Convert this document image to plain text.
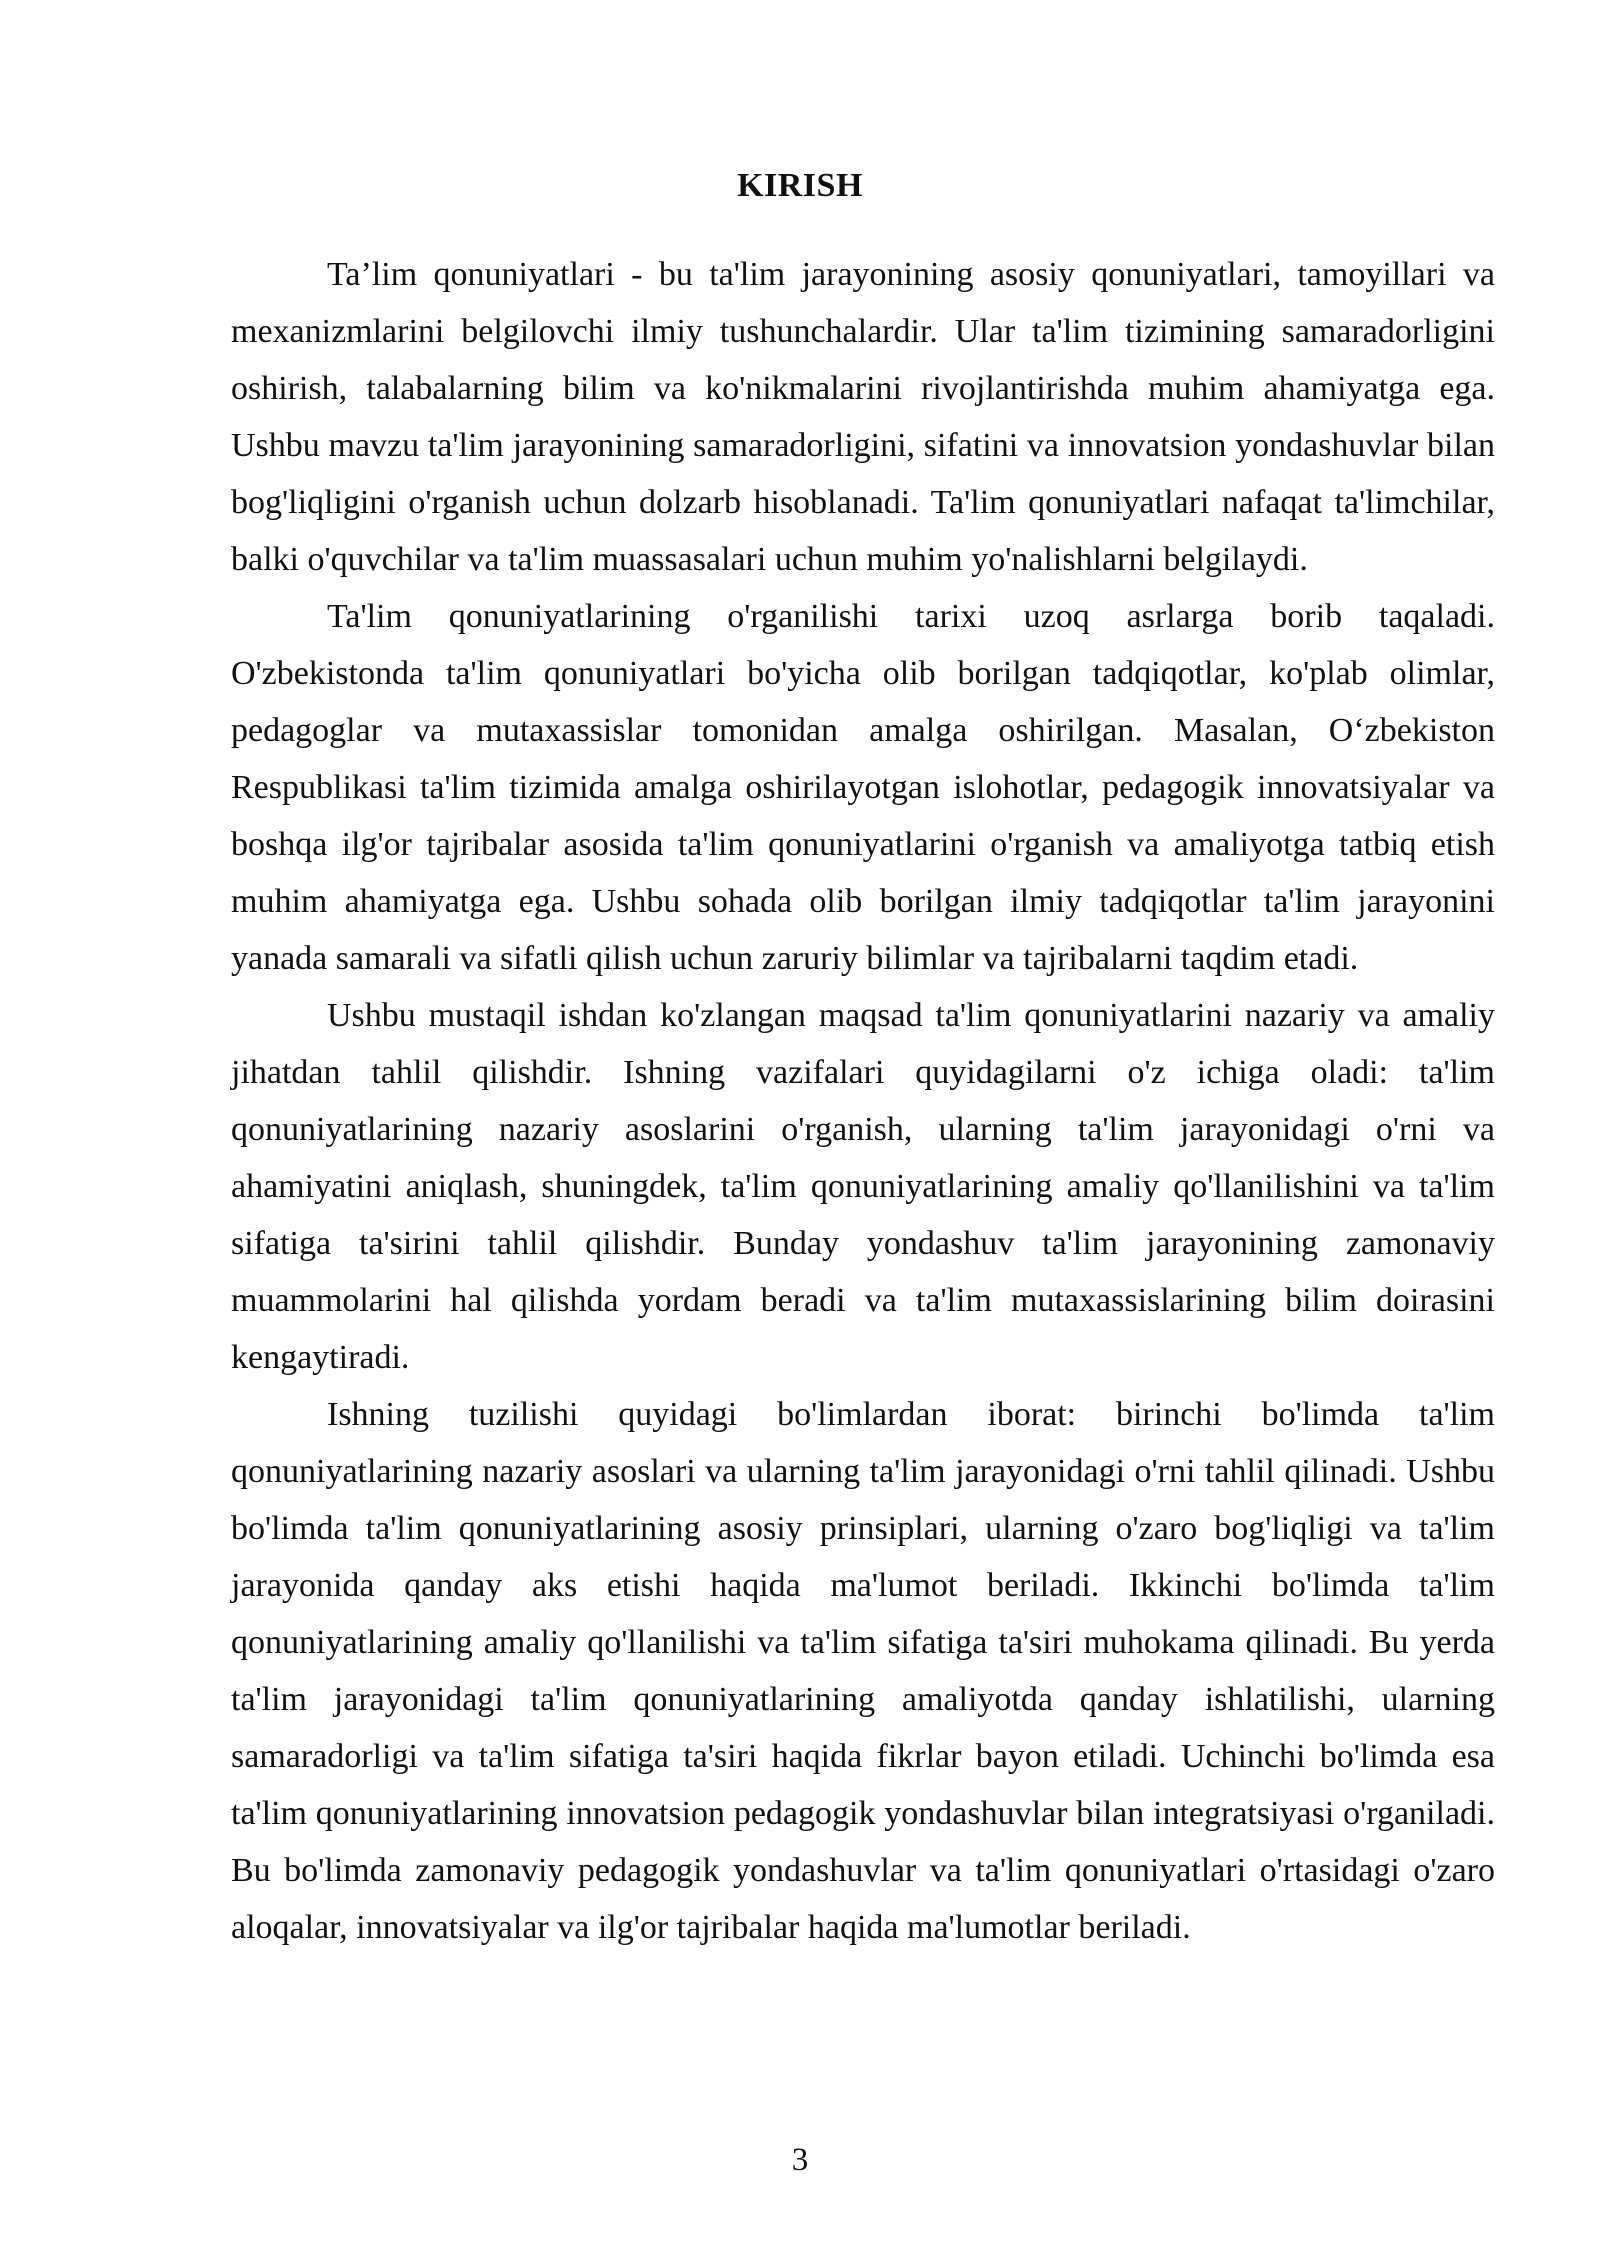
KIRISH

Ta’lim qonuniyatlari - bu ta'lim jarayonining asosiy qonuniyatlari, tamoyillari va mexanizmlarini belgilovchi ilmiy tushunchalardir. Ular ta'lim tizimining samaradorligini oshirish, talabalarning bilim va ko'nikmalarini rivojlantirishda muhim ahamiyatga ega. Ushbu mavzu ta'lim jarayonining samaradorligini, sifatini va innovatsion yondashuvlar bilan bog'liqligini o'rganish uchun dolzarb hisoblanadi. Ta'lim qonuniyatlari nafaqat ta'limchilar, balki o'quvchilar va ta'lim muassasalari uchun muhim yo'nalishlarni belgilaydi.

Ta'lim qonuniyatlarining o'rganilishi tarixi uzoq asrlarga borib taqaladi. O'zbekistonda ta'lim qonuniyatlari bo'yicha olib borilgan tadqiqotlar, ko'plab olimlar, pedagoglar va mutaxassislar tomonidan amalga oshirilgan. Masalan, O‘zbekiston Respublikasi ta'lim tizimida amalga oshirilayotgan islohotlar, pedagogik innovatsiyalar va boshqa ilg'or tajribalar asosida ta'lim qonuniyatlarini o'rganish va amaliyotga tatbiq etish muhim ahamiyatga ega. Ushbu sohada olib borilgan ilmiy tadqiqotlar ta'lim jarayonini yanada samarali va sifatli qilish uchun zaruriy bilimlar va tajribalarni taqdim etadi.

Ushbu mustaqil ishdan ko'zlangan maqsad ta'lim qonuniyatlarini nazariy va amaliy jihatdan tahlil qilishdir. Ishning vazifalari quyidagilarni o'z ichiga oladi: ta'lim qonuniyatlarining nazariy asoslarini o'rganish, ularning ta'lim jarayonidagi o'rni va ahamiyatini aniqlash, shuningdek, ta'lim qonuniyatlarining amaliy qo'llanilishini va ta'lim sifatiga ta'sirini tahlil qilishdir. Bunday yondashuv ta'lim jarayonining zamonaviy muammolarini hal qilishda yordam beradi va ta'lim mutaxassislarining bilim doirasini kengaytiradi.

Ishning tuzilishi quyidagi bo'limlardan iborat: birinchi bo'limda ta'lim qonuniyatlarining nazariy asoslari va ularning ta'lim jarayonidagi o'rni tahlil qilinadi. Ushbu bo'limda ta'lim qonuniyatlarining asosiy prinsiplari, ularning o'zaro bog'liqligi va ta'lim jarayonida qanday aks etishi haqida ma'lumot beriladi. Ikkinchi bo'limda ta'lim qonuniyatlarining amaliy qo'llanilishi va ta'lim sifatiga ta'siri muhokama qilinadi. Bu yerda ta'lim jarayonidagi ta'lim qonuniyatlarining amaliyotda qanday ishlatilishi, ularning samaradorligi va ta'lim sifatiga ta'siri haqida fikrlar bayon etiladi. Uchinchi bo'limda esa ta'lim qonuniyatlarining innovatsion pedagogik yondashuvlar bilan integratsiyasi o'rganiladi. Bu bo'limda zamonaviy pedagogik yondashuvlar va ta'lim qonuniyatlari o'rtasidagi o'zaro aloqalar, innovatsiyalar va ilg'or tajribalar haqida ma'lumotlar beriladi.

3
